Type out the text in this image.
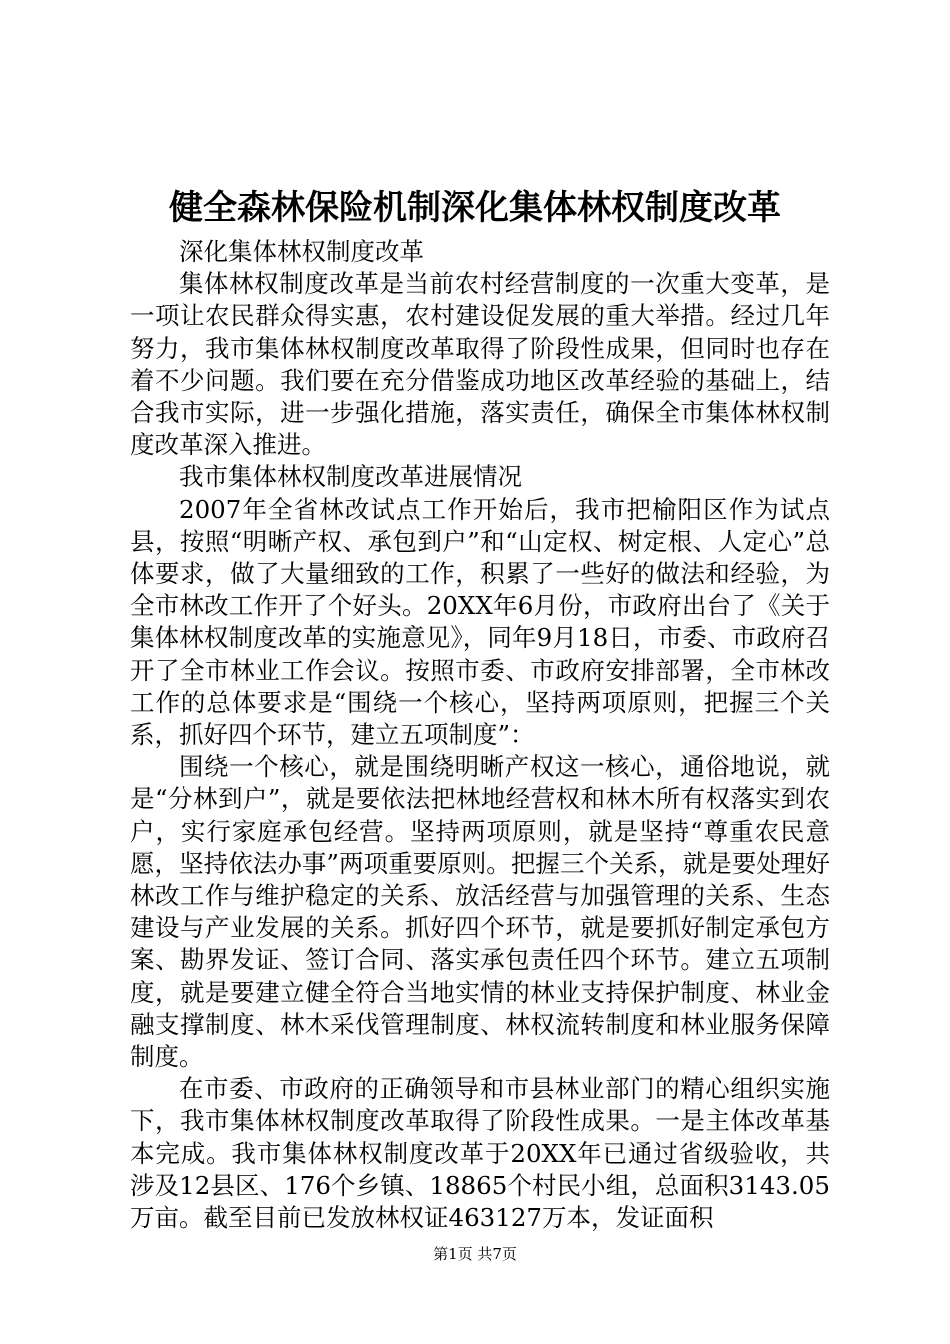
健全森林保险机制深化集体林权制度改革

深化集体林权制度改革

集体林权制度改革是当前农村经营制度的一次重大变革，是一项让农民群众得实惠，农村建设促发展的重大举措。经过几年努力，我市集体林权制度改革取得了阶段性成果，但同时也存在着不少问题。我们要在充分借鉴成功地区改革经验的基础上，结合我市实际，进一步强化措施，落实责任，确保全市集体林权制度改革深入推进。

我市集体林权制度改革进展情况

2007年全省林改试点工作开始后，我市把榆阳区作为试点县，按照“明晰产权、承包到户”和“山定权、树定根、人定心”总体要求，做了大量细致的工作，积累了一些好的做法和经验，为全市林改工作开了个好头。20XX年6月份，市政府出台了《关于集体林权制度改革的实施意见》，同年9月18日，市委、市政府召开了全市林业工作会议。按照市委、市政府安排部署，全市林改工作的总体要求是“围绕一个核心，坚持两项原则，把握三个关系，抓好四个环节，建立五项制度”：

围绕一个核心，就是围绕明晰产权这一核心，通俗地说，就是“分林到户”，就是要依法把林地经营权和林木所有权落实到农户，实行家庭承包经营。坚持两项原则，就是坚持“尊重农民意愿，坚持依法办事”两项重要原则。把握三个关系，就是要处理好林改工作与维护稳定的关系、放活经营与加强管理的关系、生态建设与产业发展的关系。抓好四个环节，就是要抓好制定承包方案、勘界发证、签订合同、落实承包责任四个环节。建立五项制度，就是要建立健全符合当地实情的林业支持保护制度、林业金融支撑制度、林木采伐管理制度、林权流转制度和林业服务保障制度。

在市委、市政府的正确领导和市县林业部门的精心组织实施下，我市集体林权制度改革取得了阶段性成果。一是主体改革基本完成。我市集体林权制度改革于20XX年已通过省级验收，共涉及12县区、176个乡镇、18865个村民小组，总面积3143.05万亩。截至目前已发放林权证463127万本，发证面积

第1页 共7页
